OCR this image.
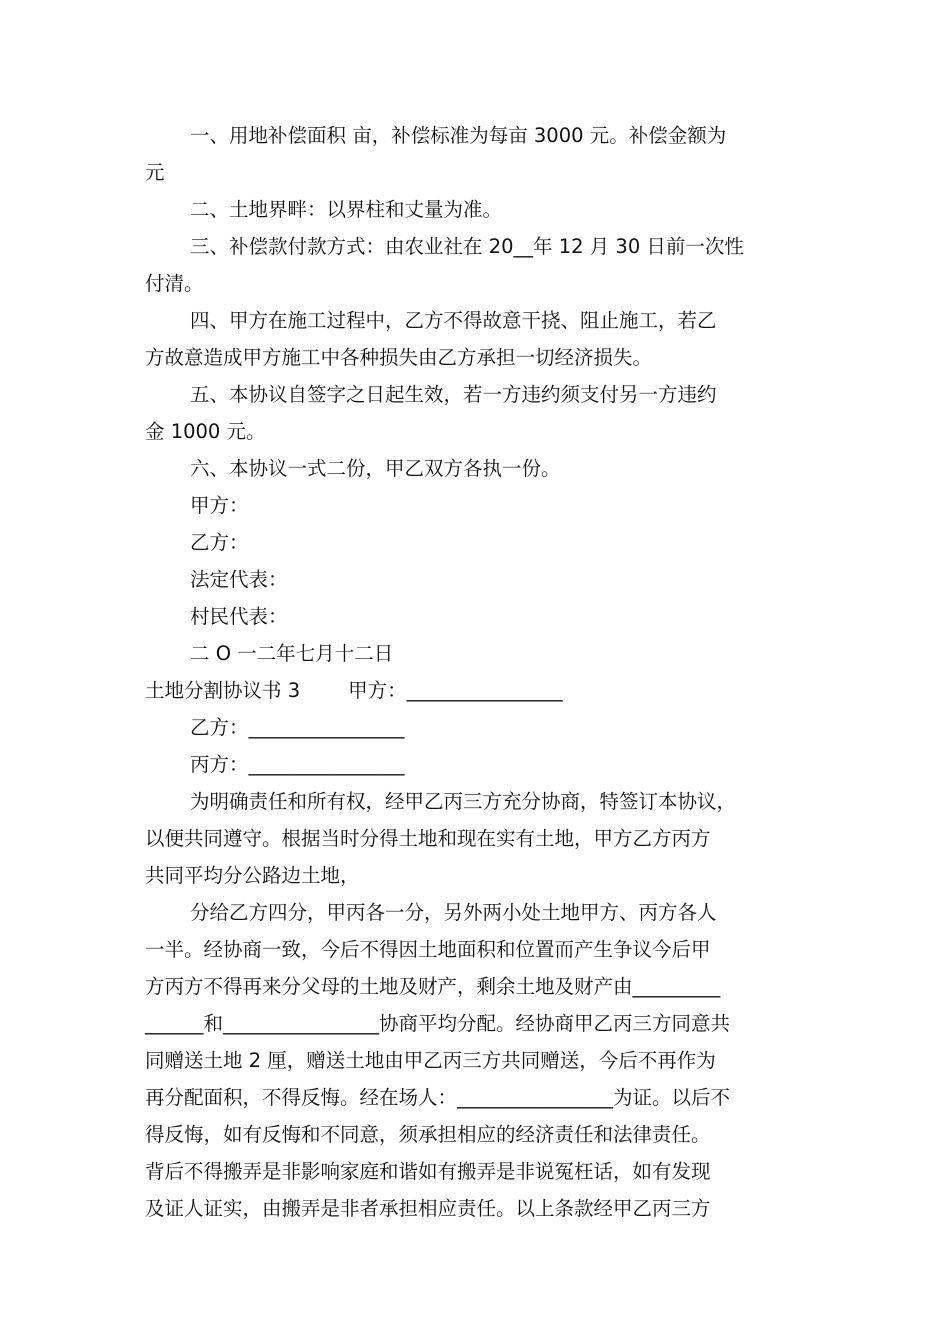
一、用地补偿面积 亩，补偿标准为每亩 3000 元。补偿金额为
元
二、土地界畔：以界柱和丈量为准。
三、补偿款付款方式：由农业社在 20__年 12 月 30 日前一次性
付清。
四、甲方在施工过程中，乙方不得故意干挠、阻止施工，若乙
方故意造成甲方施工中各种损失由乙方承担一切经济损失。
五、本协议自签字之日起生效，若一方违约须支付另一方违约
金 1000 元。
六、本协议一式二份，甲乙双方各执一份。
甲方：
乙方：
法定代表：
村民代表：
二 O 一二年七月十二日
土地分割协议书 3 甲方：________________
乙方：________________
丙方：________________
为明确责任和所有权，经甲乙丙三方充分协商，特签订本协议，
以便共同遵守。根据当时分得土地和现在实有土地，甲方乙方丙方
共同平均分公路边土地，
分给乙方四分，甲丙各一分，另外两小处土地甲方、丙方各人
一半。经协商一致，今后不得因土地面积和位置而产生争议今后甲
方丙方不得再来分父母的土地及财产，剩余土地及财产由_________
______和________________协商平均分配。经协商甲乙丙三方同意共
同赠送土地 2 厘，赠送土地由甲乙丙三方共同赠送，今后不再作为
再分配面积，不得反悔。经在场人：________________为证。以后不
得反悔，如有反悔和不同意，须承担相应的经济责任和法律责任。
背后不得搬弄是非影响家庭和谐如有搬弄是非说冤枉话，如有发现
及证人证实，由搬弄是非者承担相应责任。以上条款经甲乙丙三方
